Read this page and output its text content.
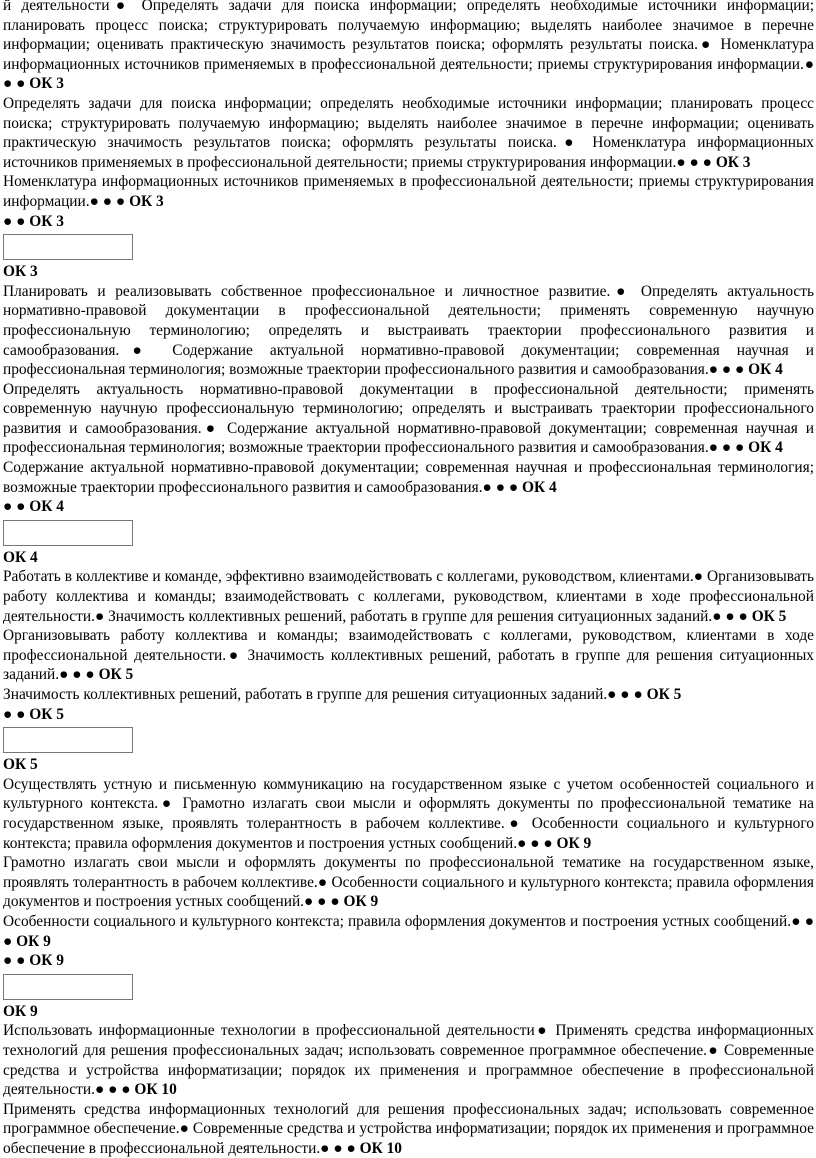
й деятельности● Определять задачи для поиска информации; определять необходимые источники информации; планировать процесс поиска; структурировать получаемую информацию; выделять наиболее значимое в перечне информации; оценивать практическую значимость результатов поиска; оформлять результаты поиска.● Номенклатура информационных источников применяемых в профессиональной деятельности; приемы структурирования информации.● ● ● ОК 3

Определять задачи для поиска информации; определять необходимые источники информации; планировать процесс поиска; структурировать получаемую информацию; выделять наиболее значимое в перечне информации; оценивать практическую значимость результатов поиска; оформлять результаты поиска.● Номенклатура информационных источников применяемых в профессиональной деятельности; приемы структурирования информации.● ● ● ОК 3

Номенклатура информационных источников применяемых в профессиональной деятельности; приемы структурирования информации.● ● ● ОК 3

● ● ОК 3

ОК 3

Планировать и реализовывать собственное профессиональное и личностное развитие.● Определять актуальность нормативно-правовой документации в профессиональной деятельности; применять современную научную профессиональную терминологию; определять и выстраивать траектории профессионального развития и самообразования.● Содержание актуальной нормативно-правовой документации; современная научная и профессиональная терминология; возможные траектории профессионального развития и самообразования.● ● ● ОК 4

Определять актуальность нормативно-правовой документации в профессиональной деятельности; применять современную научную профессиональную терминологию; определять и выстраивать траектории профессионального развития и самообразования.● Содержание актуальной нормативно-правовой документации; современная научная и профессиональная терминология; возможные траектории профессионального развития и самообразования.● ● ● ОК 4

Содержание актуальной нормативно-правовой документации; современная научная и профессиональная терминология; возможные траектории профессионального развития и самообразования.● ● ● ОК 4

● ● ОК 4

ОК 4

Работать в коллективе и команде, эффективно взаимодействовать с коллегами, руководством, клиентами.● Организовывать работу коллектива и команды; взаимодействовать с коллегами, руководством, клиентами в ходе профессиональной деятельности.● Значимость коллективных решений, работать в группе для решения ситуационных заданий.● ● ● ОК 5

Организовывать работу коллектива и команды; взаимодействовать с коллегами, руководством, клиентами в ходе профессиональной деятельности.● Значимость коллективных решений, работать в группе для решения ситуационных заданий.● ● ● ОК 5

Значимость коллективных решений, работать в группе для решения ситуационных заданий.● ● ● ОК 5

● ● ОК 5

ОК 5

Осуществлять устную и письменную коммуникацию на государственном языке с учетом особенностей социального и культурного контекста.● Грамотно излагать свои мысли и оформлять документы по профессиональной тематике на государственном языке, проявлять толерантность в рабочем коллективе.● Особенности социального и культурного контекста; правила оформления документов и построения устных сообщений.● ● ● ОК 9

Грамотно излагать свои мысли и оформлять документы по профессиональной тематике на государственном языке, проявлять толерантность в рабочем коллективе.● Особенности социального и культурного контекста; правила оформления документов и построения устных сообщений.● ● ● ОК 9

Особенности социального и культурного контекста; правила оформления документов и построения устных сообщений.● ● ● ОК 9

● ● ОК 9

ОК 9

Использовать информационные технологии в профессиональной деятельности● Применять средства информационных технологий для решения профессиональных задач; использовать современное программное обеспечение.● Современные средства и устройства информатизации; порядок их применения и программное обеспечение в профессиональной деятельности.● ● ● ОК 10

Применять средства информационных технологий для решения профессиональных задач; использовать современное программное обеспечение.● Современные средства и устройства информатизации; порядок их применения и программное обеспечение в профессиональной деятельности.● ● ● ОК 10
